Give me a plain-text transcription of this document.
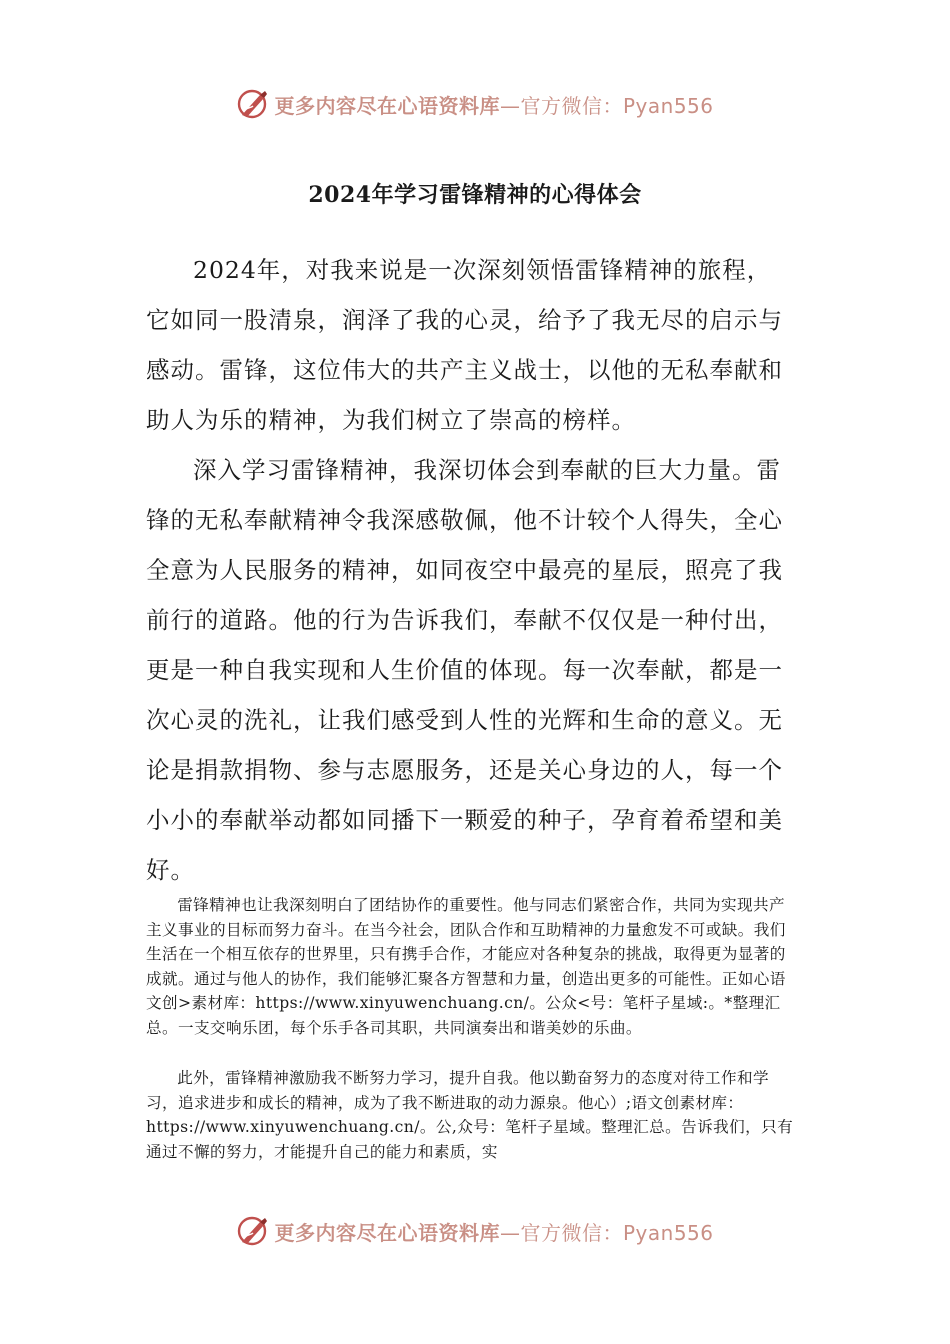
更多内容尽在心语资料库—官方微信：Pyan556
2024年学习雷锋精神的心得体会

2024年，对我来说是一次深刻领悟雷锋精神的旅程，它如同一股清泉，润泽了我的心灵，给予了我无尽的启示与感动。雷锋，这位伟大的共产主义战士，以他的无私奉献和助人为乐的精神，为我们树立了崇高的榜样。

深入学习雷锋精神，我深切体会到奉献的巨大力量。雷锋的无私奉献精神令我深感敬佩，他不计较个人得失，全心全意为人民服务的精神，如同夜空中最亮的星辰，照亮了我前行的道路。他的行为告诉我们，奉献不仅仅是一种付出，更是一种自我实现和人生价值的体现。每一次奉献，都是一次心灵的洗礼，让我们感受到人性的光辉和生命的意义。无论是捐款捐物、参与志愿服务，还是关心身边的人，每一个小小的奉献举动都如同播下一颗爱的种子，孕育着希望和美好。

雷锋精神也让我深刻明白了团结协作的重要性。他与同志们紧密合作，共同为实现共产主义事业的目标而努力奋斗。在当今社会，团队合作和互助精神的力量愈发不可或缺。我们生活在一个相互依存的世界里，只有携手合作，才能应对各种复杂的挑战，取得更为显著的成就。通过与他人的协作，我们能够汇聚各方智慧和力量，创造出更多的可能性。正如心语文创>素材库：https://www.xinyuwenchuang.cn/。公众<号：笔杆子星域:。*整理汇总。一支交响乐团，每个乐手各司其职，共同演奏出和谐美妙的乐曲。

此外，雷锋精神激励我不断努力学习，提升自我。他以勤奋努力的态度对待工作和学习，追求进步和成长的精神，成为了我不断进取的动力源泉。他心）;语文创素材库：https://www.xinyuwenchuang.cn/。公,众号：笔杆子星域。整理汇总。告诉我们，只有通过不懈的努力，才能提升自己的能力和素质，实

更多内容尽在心语资料库—官方微信：Pyan556
